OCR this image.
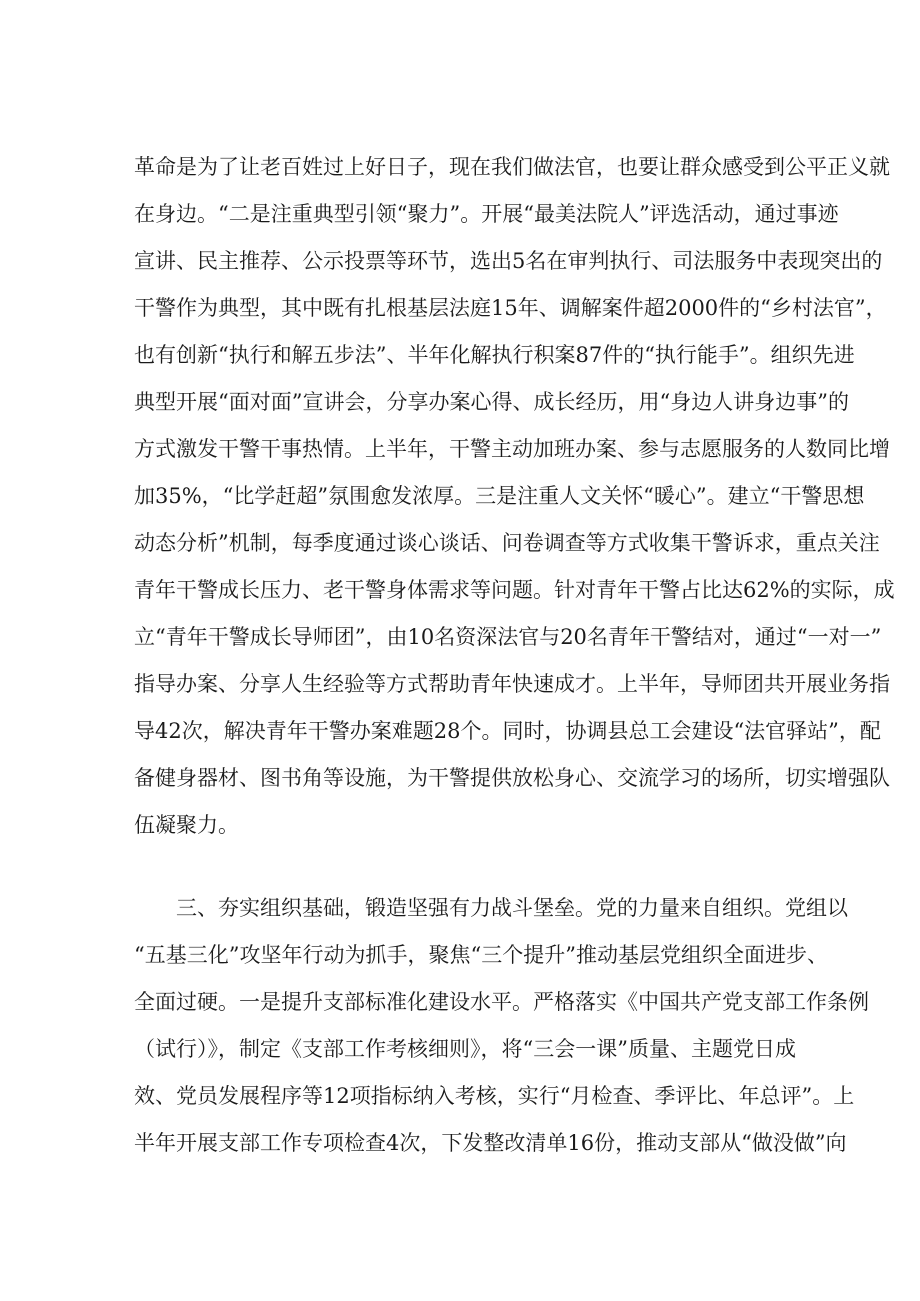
革命是为了让老百姓过上好日子，现在我们做法官，也要让群众感受到公平正义就
在身边。“二是注重典型引领“聚力”。开展“最美法院人”评选活动，通过事迹
宣讲、民主推荐、公示投票等环节，选出5名在审判执行、司法服务中表现突出的
干警作为典型，其中既有扎根基层法庭15年、调解案件超2000件的“乡村法官”，
也有创新“执行和解五步法”、半年化解执行积案87件的“执行能手”。组织先进
典型开展“面对面”宣讲会，分享办案心得、成长经历，用“身边人讲身边事”的
方式激发干警干事热情。上半年，干警主动加班办案、参与志愿服务的人数同比增
加35%，“比学赶超”氛围愈发浓厚。三是注重人文关怀“暖心”。建立“干警思想
动态分析”机制，每季度通过谈心谈话、问卷调查等方式收集干警诉求，重点关注
青年干警成长压力、老干警身体需求等问题。针对青年干警占比达62%的实际，成
立“青年干警成长导师团”，由10名资深法官与20名青年干警结对，通过“一对一”
指导办案、分享人生经验等方式帮助青年快速成才。上半年，导师团共开展业务指
导42次，解决青年干警办案难题28个。同时，协调县总工会建设“法官驿站”，配
备健身器材、图书角等设施，为干警提供放松身心、交流学习的场所，切实增强队
伍凝聚力。
三、夯实组织基础，锻造坚强有力战斗堡垒。党的力量来自组织。党组以
“五基三化”攻坚年行动为抓手，聚焦“三个提升”推动基层党组织全面进步、
全面过硬。一是提升支部标准化建设水平。严格落实《中国共产党支部工作条例
（试行）》，制定《支部工作考核细则》，将“三会一课”质量、主题党日成
效、党员发展程序等12项指标纳入考核，实行“月检查、季评比、年总评”。上
半年开展支部工作专项检查4次，下发整改清单16份，推动支部从“做没做”向
